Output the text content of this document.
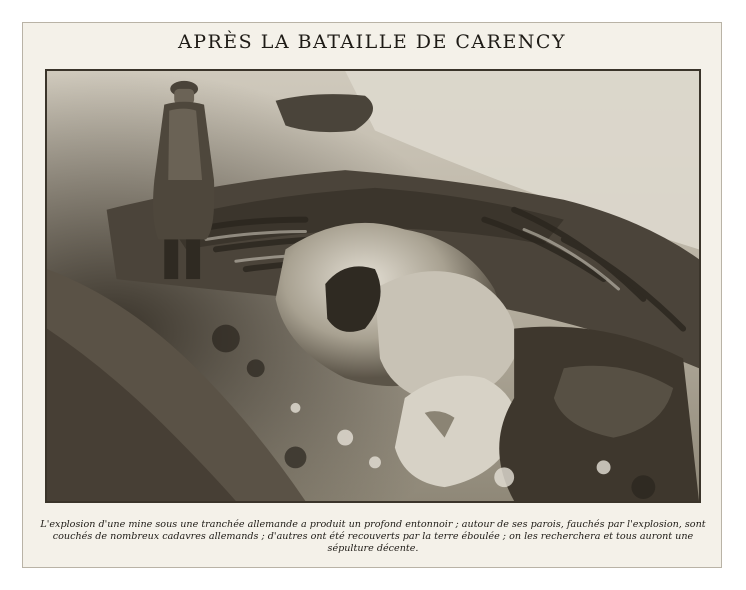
APRÈS LA BATAILLE DE CARENCY

L'explosion d'une mine sous une tranchée allemande a produit un profond entonnoir ; autour de ses parois, fauchés par l'explosion, sont couchés de nombreux cadavres allemands ; d'autres ont été recouverts par la terre éboulée ; on les recherchera et tous auront une sépulture décente.
